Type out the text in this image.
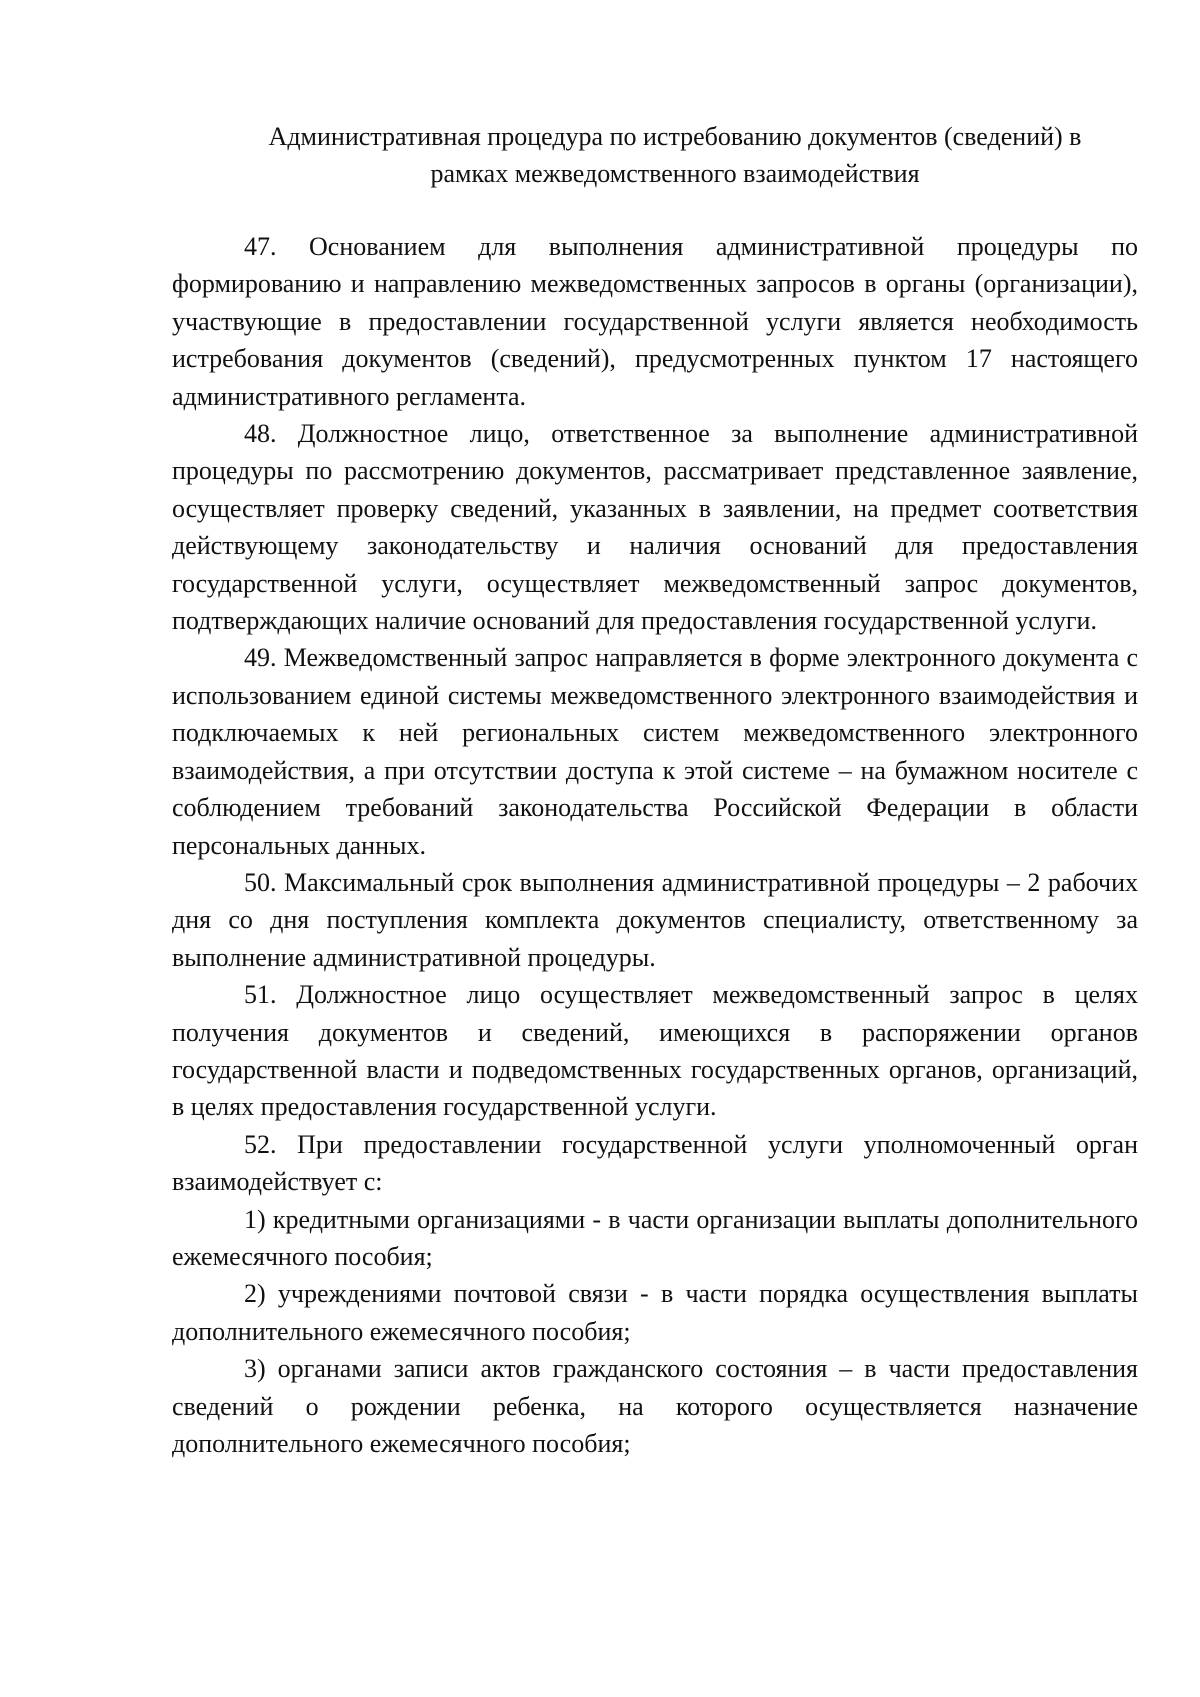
Административная процедура по истребованию документов (сведений) в
рамках межведомственного взаимодействия

47. Основанием для выполнения административной процедуры по формированию и направлению межведомственных запросов в органы (организации), участвующие в предоставлении государственной услуги является необходимость истребования документов (сведений), предусмотренных пунктом 17 настоящего административного регламента.

48. Должностное лицо, ответственное за выполнение административной процедуры по рассмотрению документов, рассматривает представленное заявление, осуществляет проверку сведений, указанных в заявлении, на предмет соответствия действующему законодательству и наличия оснований для предоставления государственной услуги, осуществляет межведомственный запрос документов, подтверждающих наличие оснований для предоставления государственной услуги.

49. Межведомственный запрос направляется в форме электронного документа с использованием единой системы межведомственного электронного взаимодействия и подключаемых к ней региональных систем межведомственного электронного взаимодействия, а при отсутствии доступа к этой системе – на бумажном носителе с соблюдением требований законодательства Российской Федерации в области персональных данных.

50. Максимальный срок выполнения административной процедуры – 2 рабочих дня со дня поступления комплекта документов специалисту, ответственному за выполнение административной процедуры.

51. Должностное лицо осуществляет межведомственный запрос в целях получения документов и сведений, имеющихся в распоряжении органов государственной власти и подведомственных государственных органов, организаций, в целях предоставления государственной услуги.

52. При предоставлении государственной услуги уполномоченный орган взаимодействует с:

1) кредитными организациями - в части организации выплаты дополнительного ежемесячного пособия;

2) учреждениями почтовой связи - в части порядка осуществления выплаты дополнительного ежемесячного пособия;

3) органами записи актов гражданского состояния – в части предоставления сведений о рождении ребенка, на которого осуществляется назначение дополнительного ежемесячного пособия;
